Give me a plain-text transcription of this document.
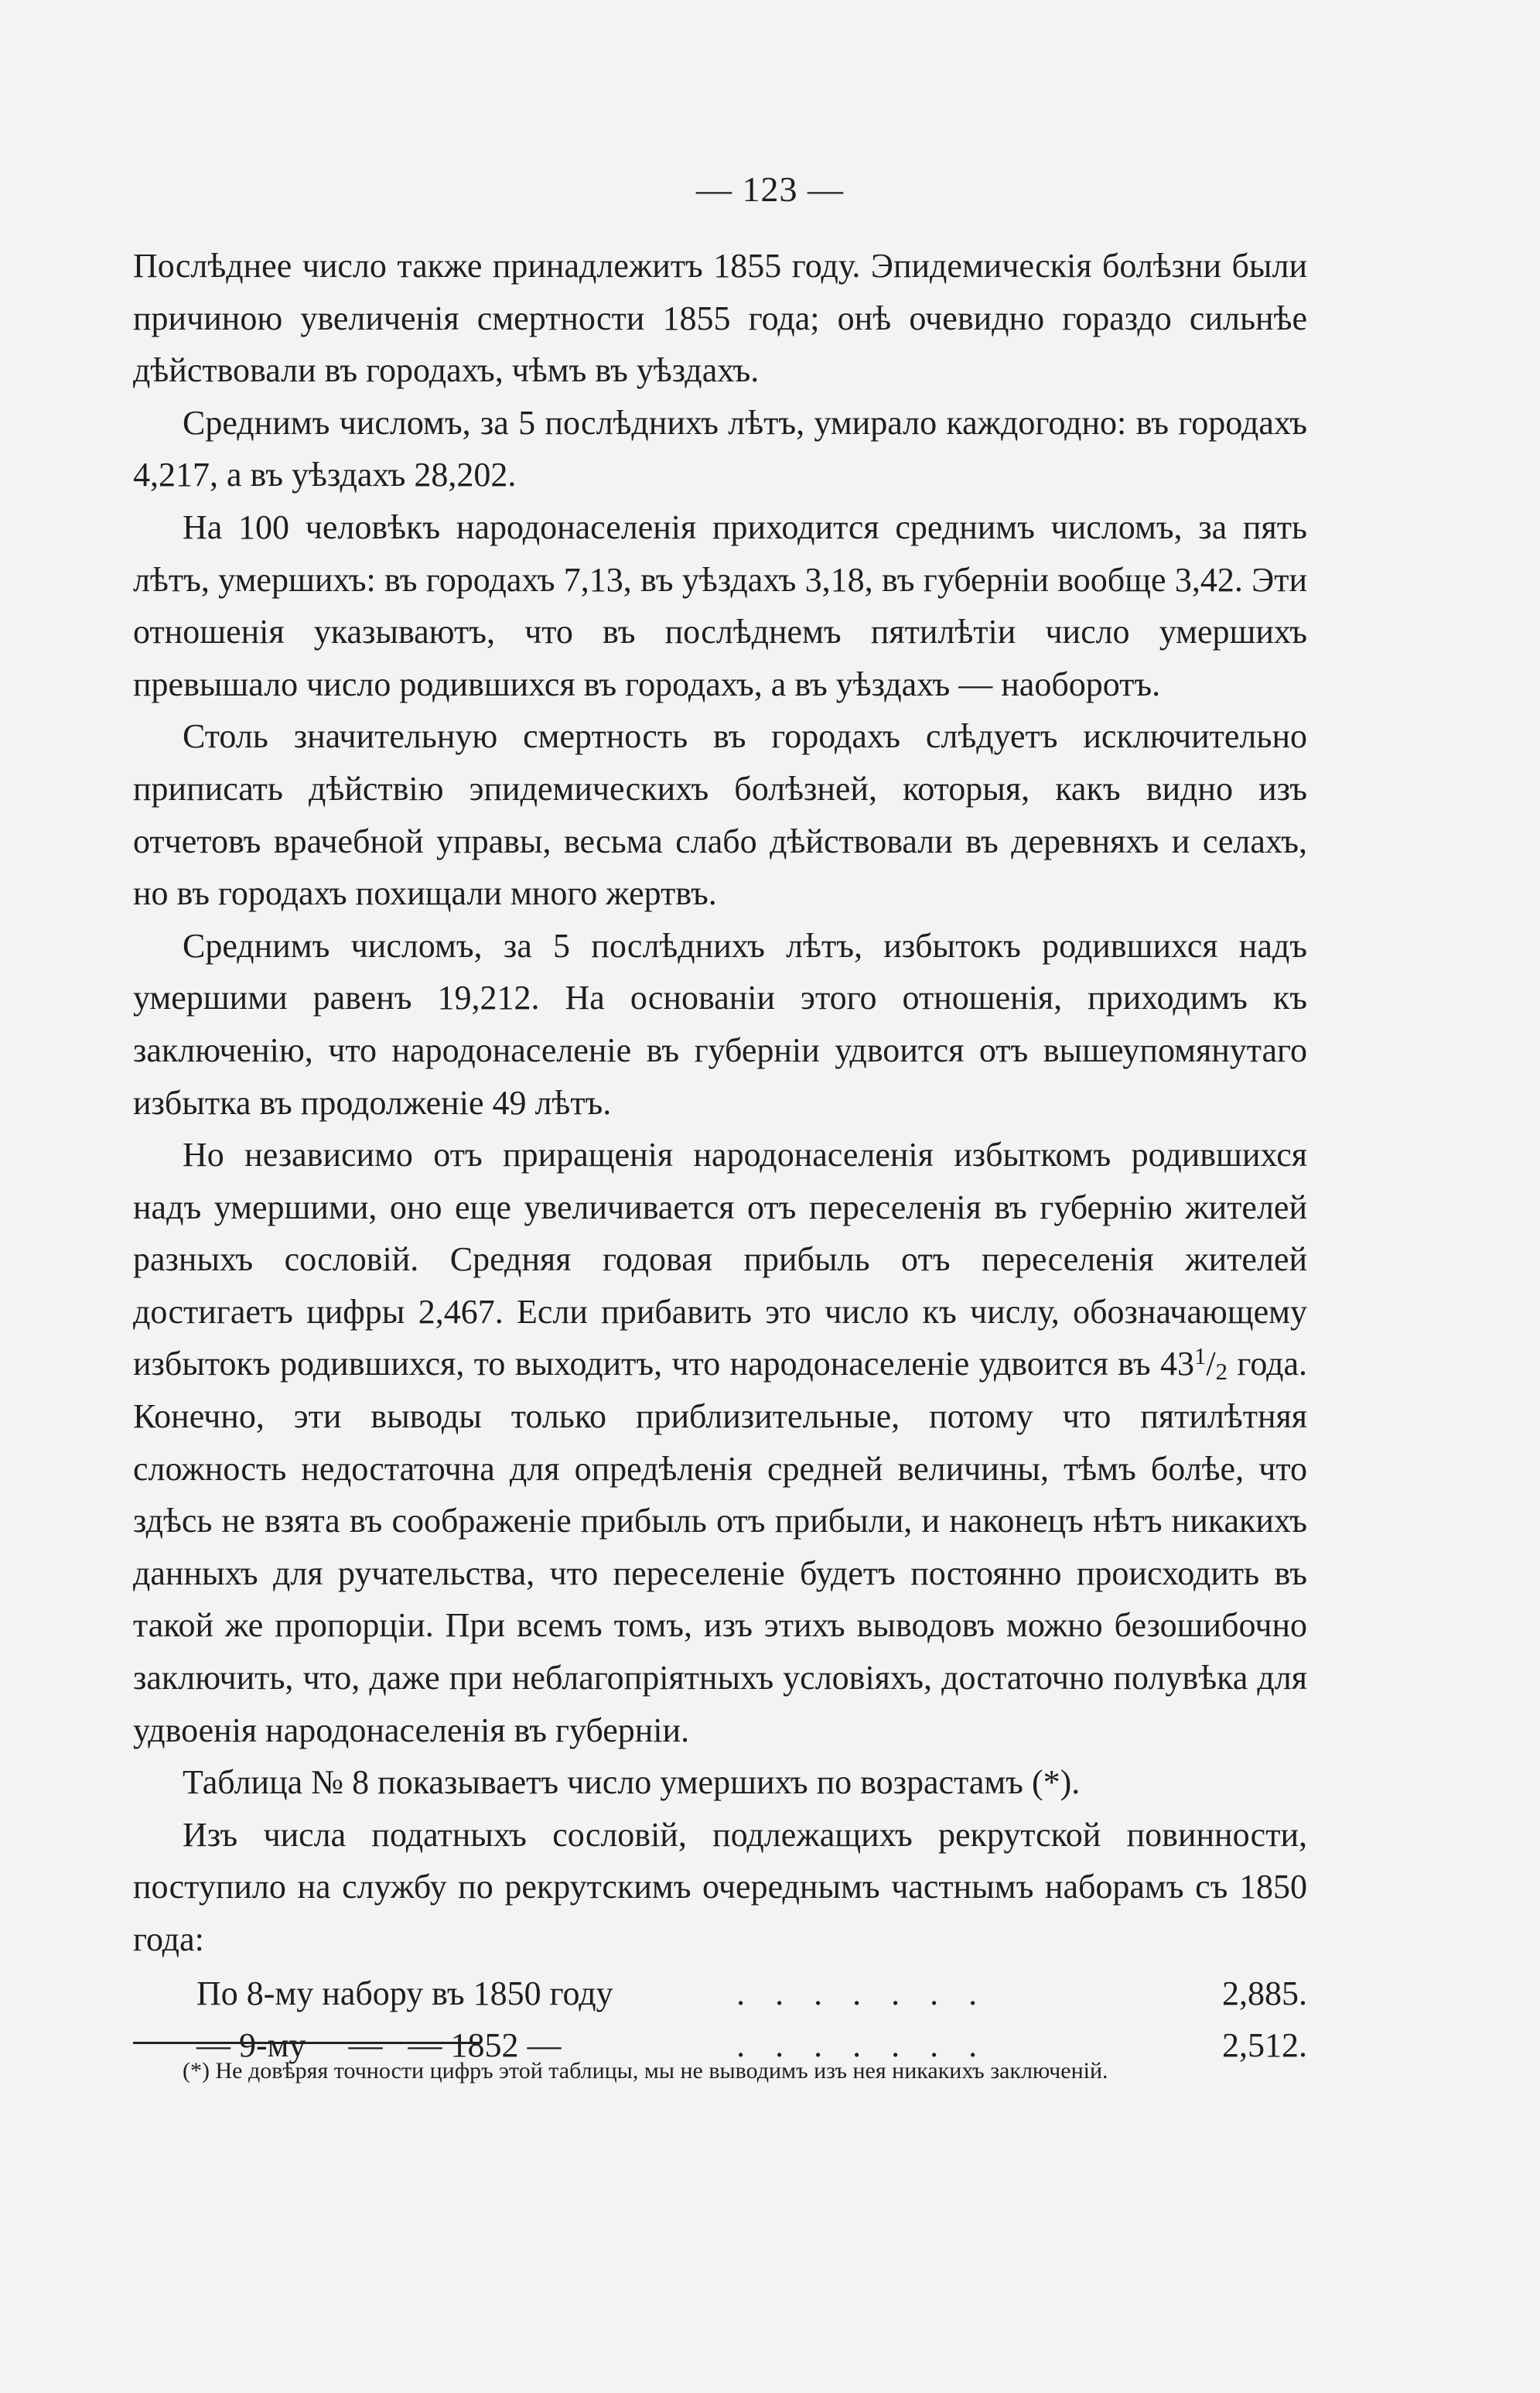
— 123 —

Послѣднее число также принадлежитъ 1855 году. Эпидемическія болѣзни были причиною увеличенія смертности 1855 года; онѣ очевидно гораздо сильнѣе дѣйствовали въ городахъ, чѣмъ въ уѣздахъ.

Среднимъ числомъ, за 5 послѣднихъ лѣтъ, умирало каждогодно: въ городахъ 4,217, а въ уѣздахъ 28,202.

На 100 человѣкъ народонаселенія приходится среднимъ числомъ, за пять лѣтъ, умершихъ: въ городахъ 7,13, въ уѣздахъ 3,18, въ губерніи вообще 3,42. Эти отношенія указываютъ, что въ послѣднемъ пятилѣтіи число умершихъ превышало число родившихся въ городахъ, а въ уѣздахъ — наоборотъ.

Столь значительную смертность въ городахъ слѣдуетъ исключительно приписать дѣйствію эпидемическихъ болѣзней, которыя, какъ видно изъ отчетовъ врачебной управы, весьма слабо дѣйствовали въ деревняхъ и селахъ, но въ городахъ похищали много жертвъ.

Среднимъ числомъ, за 5 послѣднихъ лѣтъ, избытокъ родившихся надъ умершими равенъ 19,212. На основаніи этого отношенія, приходимъ къ заключенію, что народонаселеніе въ губерніи удвоится отъ вышеупомянутаго избытка въ продолженіе 49 лѣтъ.

Но независимо отъ приращенія народонаселенія избыткомъ родившихся надъ умершими, оно еще увеличивается отъ переселенія въ губернію жителей разныхъ сословій. Средняя годовая прибыль отъ переселенія жителей достигаетъ цифры 2,467. Если прибавить это число къ числу, обозначающему избытокъ родившихся, то выходитъ, что народонаселеніе удвоится въ $43^1/_2$ года. Конечно, эти выводы только приблизительные, потому что пятилѣтняя сложность недостаточна для опредѣленія средней величины, тѣмъ болѣе, что здѣсь не взята въ соображеніе прибыль отъ прибыли, и наконецъ нѣтъ никакихъ данныхъ для ручательства, что переселеніе будетъ постоянно происходить въ такой же пропорціи. При всемъ томъ, изъ этихъ выводовъ можно безошибочно заключить, что, даже при неблагопріятныхъ условіяхъ, достаточно полувѣка для удвоенія народонаселенія въ губерніи.

Таблица № 8 показываетъ число умершихъ по возрастамъ (*).

Изъ числа податныхъ сословій, подлежащихъ рекрутской повинности, поступило на службу по рекрутскимъ очереднымъ частнымъ наборамъ съ 1850 года:

По 8-му набору въ 1850 году	. . . . . . .	2,885.
— 9-му     —   — 1852 —	. . . . . . .	2,512.
(*) Не довѣряя точности цифръ этой таблицы, мы не выводимъ изъ нея никакихъ заключеній.
